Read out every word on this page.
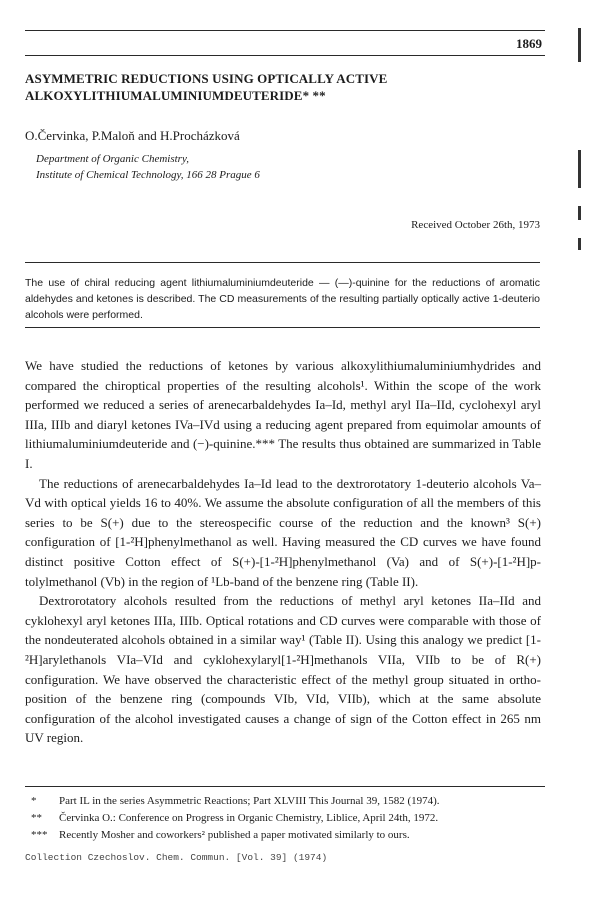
1869
ASYMMETRIC REDUCTIONS USING OPTICALLY ACTIVE
ALKOXYLITHIUMALUMINIUMDEUTERIDE* **
O.Červinka, P.Maloň and H.Procházková
Department of Organic Chemistry,
Institute of Chemical Technology, 166 28 Prague 6
Received October 26th, 1973
The use of chiral reducing agent lithiumaluminiumdeuteride — (—)-quinine for the reductions of aromatic aldehydes and ketones is described. The CD measurements of the resulting partially optically active 1-deuterio alcohols were performed.

We have studied the reductions of ketones by various alkoxylithiumaluminiumhydrides and compared the chiroptical properties of the resulting alcohols¹. Within the scope of the work performed we reduced a series of arenecarbaldehydes Ia–Id, methyl aryl IIa–IId, cyclohexyl aryl IIIa, IIIb and diaryl ketones IVa–IVd using a reducing agent prepared from equimolar amounts of lithiumaluminiumdeuteride and (−)-quinine.*** The results thus obtained are summarized in Table I.

The reductions of arenecarbaldehydes Ia–Id lead to the dextrorotatory 1-deuterio alcohols Va–Vd with optical yields 16 to 40%. We assume the absolute configuration of all the members of this series to be S(+) due to the stereospecific course of the reduction and the known³ S(+) configuration of [1-²H]phenylmethanol as well. Having measured the CD curves we have found distinct positive Cotton effect of S(+)-[1-²H]phenylmethanol (Va) and of S(+)-[1-²H]p-tolylmethanol (Vb) in the region of ¹Lb-band of the benzene ring (Table II).

Dextrorotatory alcohols resulted from the reductions of methyl aryl ketones IIa–IId and cyklohexyl aryl ketones IIIa, IIIb. Optical rotations and CD curves were comparable with those of the nondeuterated alcohols obtained in a similar way¹ (Table II). Using this analogy we predict [1-²H]arylethanols VIa–VId and cyklohexylaryl[1-²H]methanols VIIa, VIIb to be of R(+) configuration. We have observed the characteristic effect of the methyl group situated in ortho-position of the benzene ring (compounds VIb, VId, VIIb), which at the same absolute configuration of the alcohol investigated causes a change of sign of the Cotton effect in 265 nm UV region.

*	Part IL in the series Asymmetric Reactions; Part XLVIII This Journal 39, 1582 (1974).
**	Červinka O.: Conference on Progress in Organic Chemistry, Liblice, April 24th, 1972.
***	Recently Mosher and coworkers² published a paper motivated similarly to ours.
Collection Czechoslov. Chem. Commun. [Vol. 39] (1974)
